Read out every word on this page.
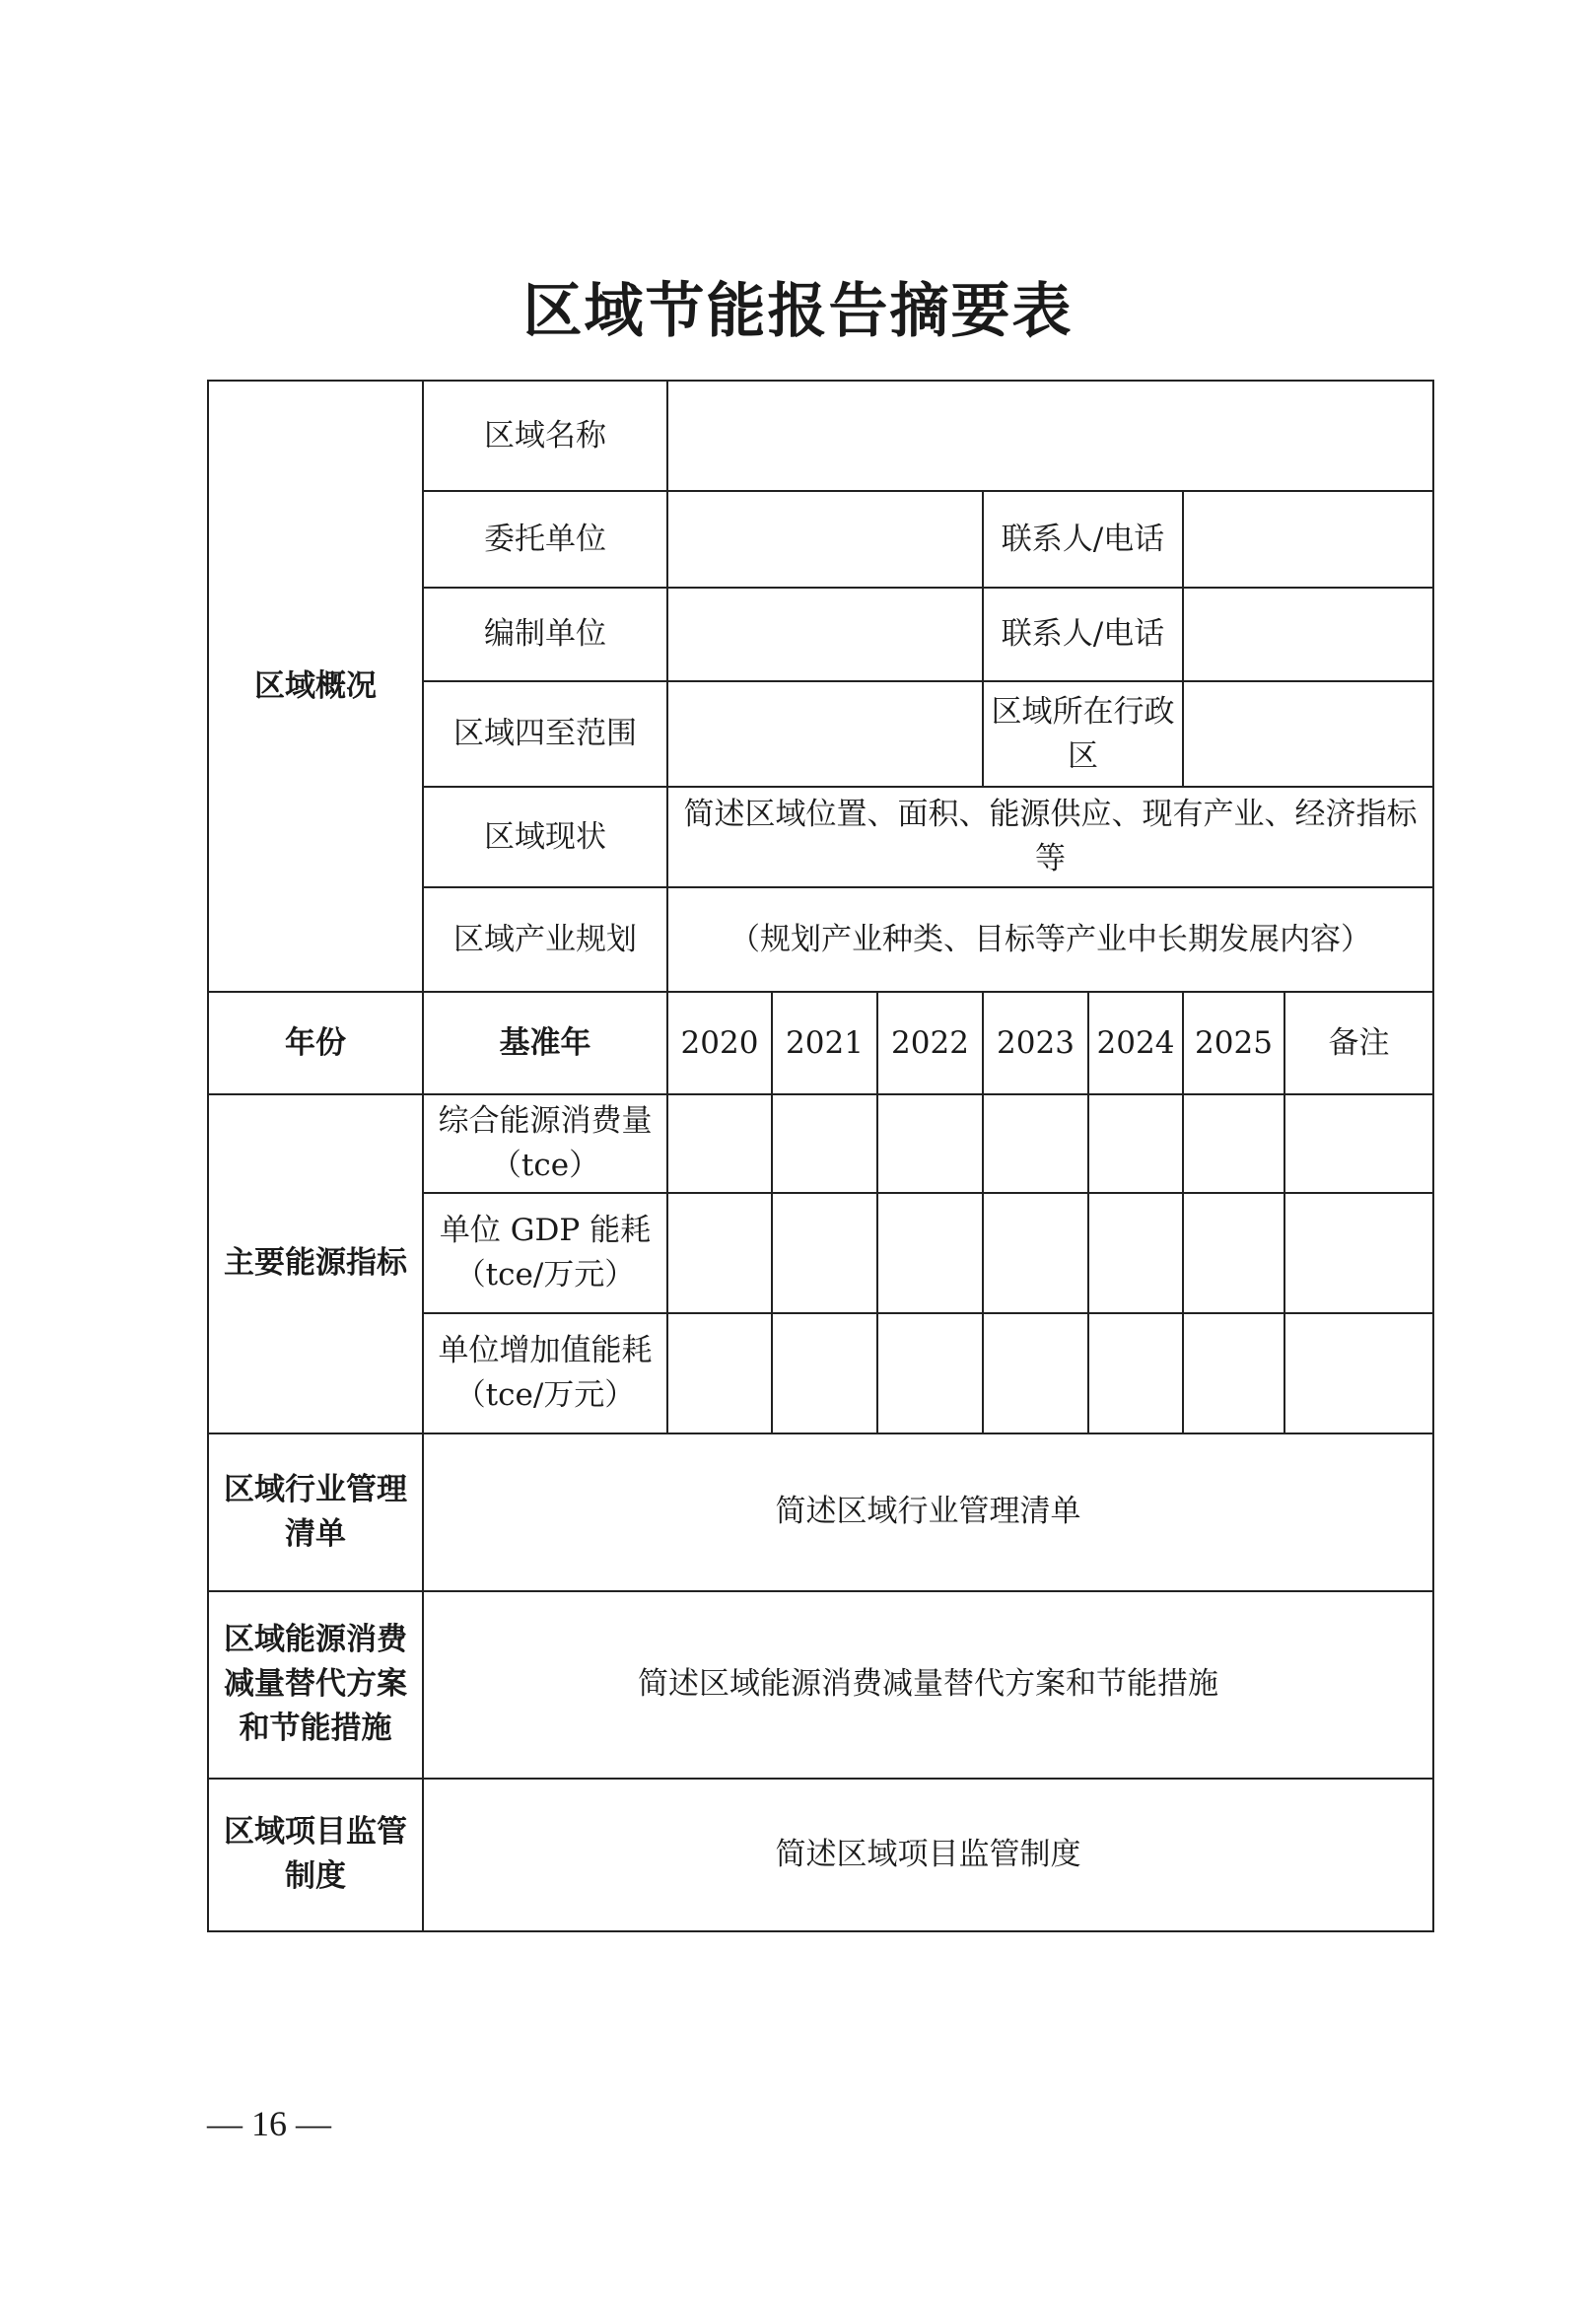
区域节能报告摘要表
区域概况	区域名称							
	委托单位				联系人/电话			
	编制单位				联系人/电话			
	区域四至范围				区域所在行政区			
	区域现状	简述区域位置、面积、能源供应、现有产业、经济指标等						
	区域产业规划	（规划产业种类、目标等产业中长期发展内容）						
年份	基准年	2020	2021	2022	2023	2024	2025	备注
主要能源指标	综合能源消费量（tce）							
	单位 GDP 能耗（tce/万元）							
	单位增加值能耗（tce/万元）							
区域行业管理清单	简述区域行业管理清单							
区域能源消费减量替代方案和节能措施	简述区域能源消费减量替代方案和节能措施							
区域项目监管制度	简述区域项目监管制度							
— 16 —
